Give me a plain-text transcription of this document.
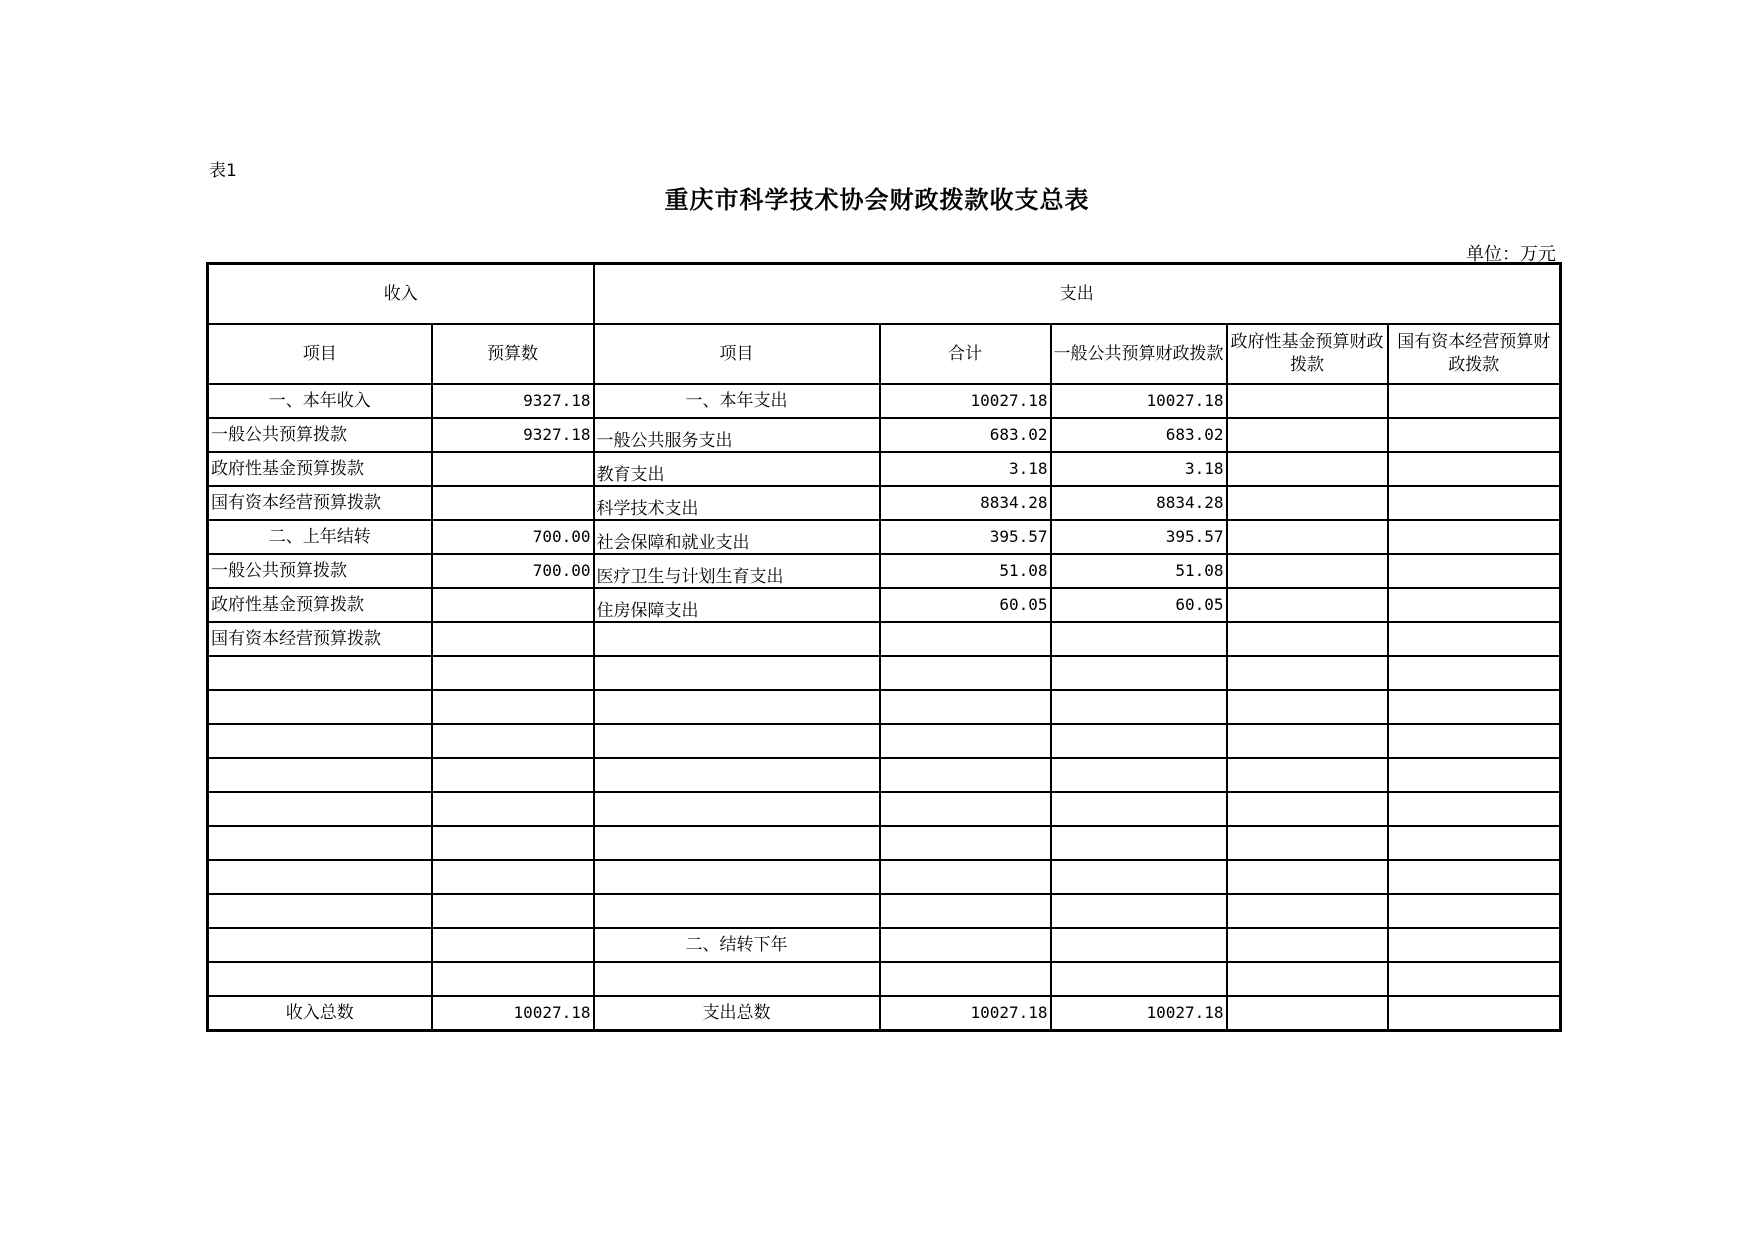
表1
重庆市科学技术协会财政拨款收支总表
单位：万元
收入		支出				
项目	预算数	项目	合计	一般公共预算财政拨款	政府性基金预算财政拨款	国有资本经营预算财政拨款
一、本年收入	9327.18	一、本年支出	10027.18	10027.18		
一般公共预算拨款	9327.18	一般公共服务支出	683.02	683.02		
政府性基金预算拨款		教育支出	3.18	3.18		
国有资本经营预算拨款		科学技术支出	8834.28	8834.28		
二、上年结转	700.00	社会保障和就业支出	395.57	395.57		
一般公共预算拨款	700.00	医疗卫生与计划生育支出	51.08	51.08		
政府性基金预算拨款		住房保障支出	60.05	60.05		
国有资本经营预算拨款						

		二、结转下年				

收入总数	10027.18	支出总数	10027.18	10027.18		
